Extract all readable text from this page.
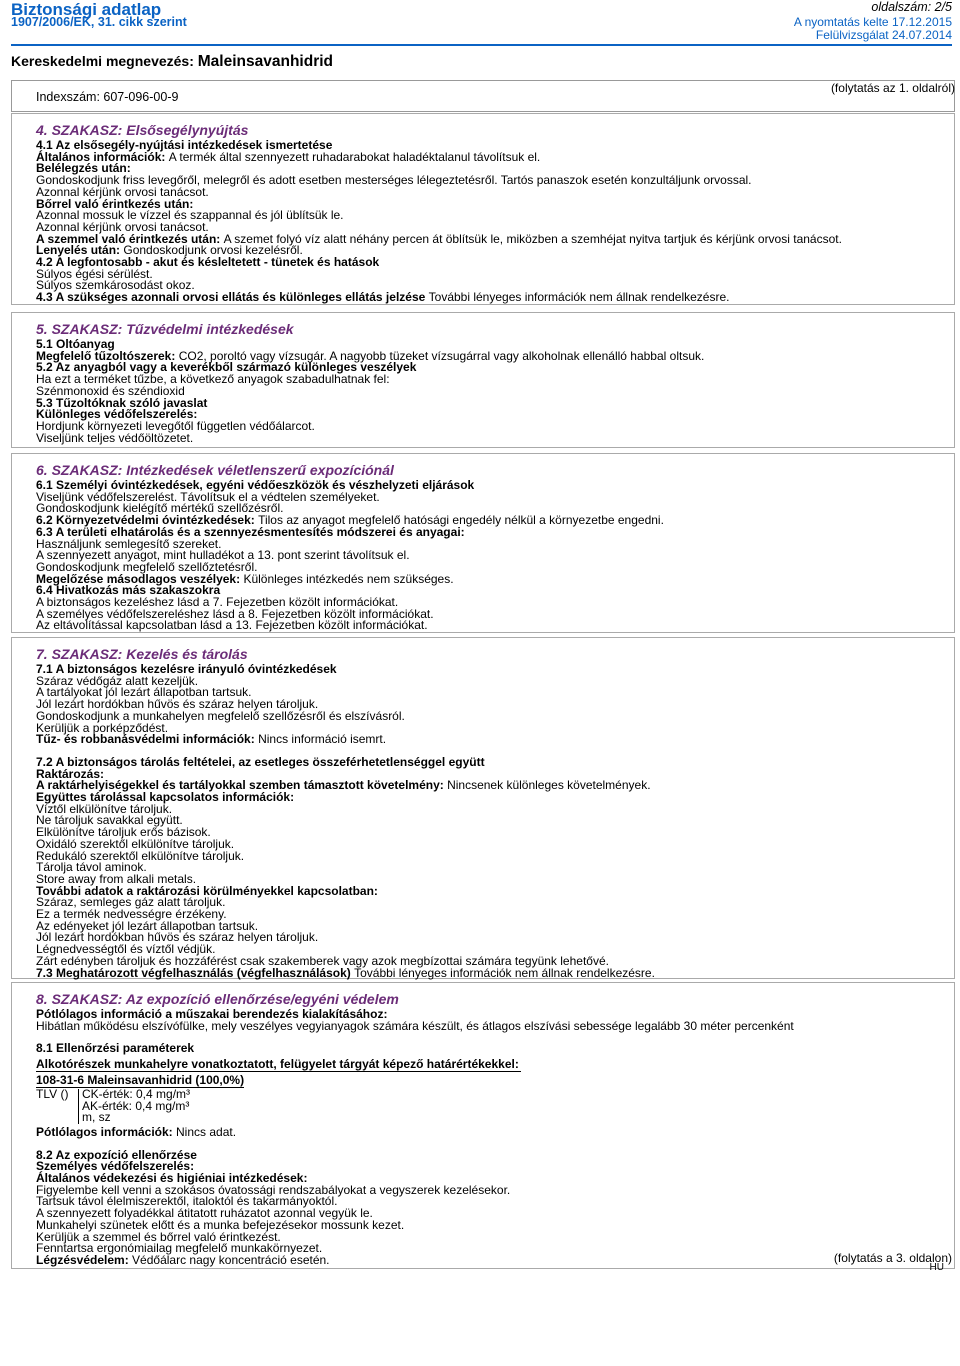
Biztonsági adatlap
1907/2006/EK, 31. cikk szerint
oldalszám: 2/5
A nyomtatás kelte 17.12.2015
Felülvizsgálat 24.07.2014
Kereskedelmi megnevezés: Maleinsavanhidrid
Indexszám: 607-096-00-9
(folytatás az 1. oldalról)
4. SZAKASZ: Elsősegélynyújtás
4.1 Az elsősegély-nyújtási intézkedések ismertetése
Általános információk: A termék által szennyezett ruhadarabokat haladéktalanul távolítsuk el.
Belélegzés után:
Gondoskodjunk friss levegőről, melegről és adott esetben mesterséges lélegeztetésről. Tartós panaszok esetén konzultáljunk orvossal.
Azonnal kérjünk orvosi tanácsot.
Bőrrel való érintkezés után:
Azonnal mossuk le vízzel és szappannal és jól üblítsük le.
Azonnal kérjünk orvosi tanácsot.
A szemmel való érintkezés után: A szemet folyó víz alatt néhány percen át öblítsük le, miközben a szemhéjat nyitva tartjuk és kérjünk orvosi tanácsot.
Lenyelés után: Gondoskodjunk orvosi kezelésről.
4.2 A legfontosabb - akut és késleltetett - tünetek és hatások
Súlyos égési sérülést.
Súlyos szemkárosodást okoz.
4.3 A szükséges azonnali orvosi ellátás és különleges ellátás jelzése További lényeges információk nem állnak rendelkezésre.
5. SZAKASZ: Tűzvédelmi intézkedések
5.1 Oltóanyag
Megfelelő tűzoltószerek: CO2, poroltó vagy vízsugár. A nagyobb tüzeket vízsugárral vagy alkoholnak ellenálló habbal oltsuk.
5.2 Az anyagból vagy a keverékből származó különleges veszélyek
Ha ezt a terméket tűzbe, a következő anyagok szabadulhatnak fel:
Szénmonoxid és széndioxid
5.3 Tűzoltóknak szóló javaslat
Különleges védőfelszerelés:
Hordjunk környezeti levegőtől független védőálarcot.
Viseljünk teljes védőöltözetet.
6. SZAKASZ: Intézkedések véletlenszerű expozíciónál
6.1 Személyi óvintézkedések, egyéni védőeszközök és vészhelyzeti eljárások
Viseljünk védőfelszerelést. Távolítsuk el a védtelen személyeket.
Gondoskodjunk kielégítő mértékű szellőzésről.
6.2 Környezetvédelmi óvintézkedések: Tilos az anyagot megfelelő hatósági engedély nélkül a környezetbe engedni.
6.3 A területi elhatárolás és a szennyezésmentesítés módszerei és anyagai:
Használjunk semlegesítő szereket.
A szennyezett anyagot, mint hulladékot a 13. pont szerint távolítsuk el.
Gondoskodjunk megfelelő szellőztetésről.
Megelőzése másodlagos veszélyek: Különleges intézkedés nem szükséges.
6.4 Hivatkozás más szakaszokra
A biztonságos kezeléshez lásd a 7. Fejezetben közölt információkat.
A személyes védőfelszereléshez lásd a 8. Fejezetben közölt információkat.
Az eltávolítással kapcsolatban lásd a 13. Fejezetben közölt információkat.
7. SZAKASZ: Kezelés és tárolás
7.1 A biztonságos kezelésre irányuló óvintézkedések
Száraz védőgáz alatt kezeljük.
A tartályokat jól lezárt állapotban tartsuk.
Jól lezárt hordókban hűvös és száraz helyen tároljuk.
Gondoskodjunk a munkahelyen megfelelő szellőzésről és elszívásról.
Kerüljük a porképződést.
Tűz- és robbanásvédelmi információk: Nincs információ isemrt.
7.2 A biztonságos tárolás feltételei, az esetleges összeférhetetlenséggel együtt
Raktározás:
A raktárhelyiségekkel és tartályokkal szemben támasztott követelmény: Nincsenek különleges követelmények.
Együttes tárolással kapcsolatos információk:
Víztől elkülönítve tároljuk.
Ne tároljuk savakkal együtt.
Elkülönítve tároljuk erős bázisok.
Oxidáló szerektől elkülönítve tároljuk.
Redukáló szerektől elkülönítve tároljuk.
Tárolja távol aminok.
Store away from alkali metals.
További adatok a raktározási körülményekkel kapcsolatban:
Száraz, semleges gáz alatt tároljuk.
Ez a termék nedvességre érzékeny.
Az edényeket jól lezárt állapotban tartsuk.
Jól lezárt hordókban hűvös és száraz helyen tároljuk.
Légnedvességtől és víztől védjük.
Zárt edényben tároljuk és hozzáférést csak szakemberek vagy azok megbízottai számára tegyünk lehetővé.
7.3 Meghatározott végfelhasználás (végfelhasználások) További lényeges információk nem állnak rendelkezésre.
8. SZAKASZ: Az expozíció ellenőrzése/egyéni védelem
Pótlólagos információ a műszakai berendezés kialakításához:
Hibátlan működésu elszívófülke, mely veszélyes vegyianyagok számára készült, és átlagos elszívási sebessége legalább 30 méter percenként
8.1 Ellenőrzési paraméterek
Alkotórészek munkahelyre vonatkoztatott, felügyelet tárgyát képező határértékekkel:
108-31-6 Maleinsavanhidrid (100,0%)
TLV ()	CK-érték: 0,4 mg/m³
AK-érték: 0,4 mg/m³
m, sz
Pótlólagos információk: Nincs adat.
8.2 Az expozíció ellenőrzése
Személyes védőfelszerelés:
Általános védekezési és higiéniai intézkedések:
Figyelembe kell venni a szokásos óvatossági rendszabályokat a vegyszerek kezelésekor.
Tartsuk távol élelmiszerektől, italoktól és takarmányoktól.
A szennyezett folyadékkal átitatott ruházatot azonnal vegyük le.
Munkahelyi szünetek előtt és a munka befejezésekor mossunk kezet.
Kerüljük a szemmel és bőrrel való érintkezést.
Fenntartsa ergonómiailag megfelelő munkakörnyezet.
Légzésvédelem: Védőálarc nagy koncentráció esetén.	(folytatás a 3. oldalon)
HU
